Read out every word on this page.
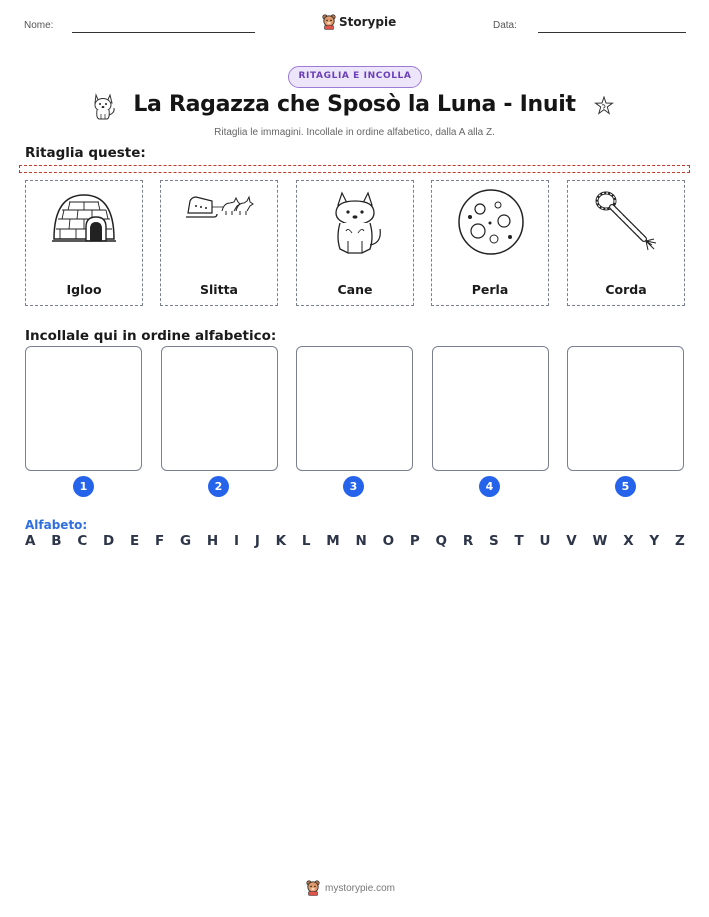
Nome:	Storypie	Data:
RITAGLIA E INCOLLA
La Ragazza che Sposò la Luna - Inuit
Ritaglia le immagini. Incollale in ordine alfabetico, dalla A alla Z.
Ritaglia queste:
Igloo	Slitta	Cane	Perla	Corda
Incollale qui in ordine alfabetico:
1	2	3	4	5
Alfabeto:
A B C D E F G H I J K L M N O P Q R S T U V W X Y Z
mystorypie.com
